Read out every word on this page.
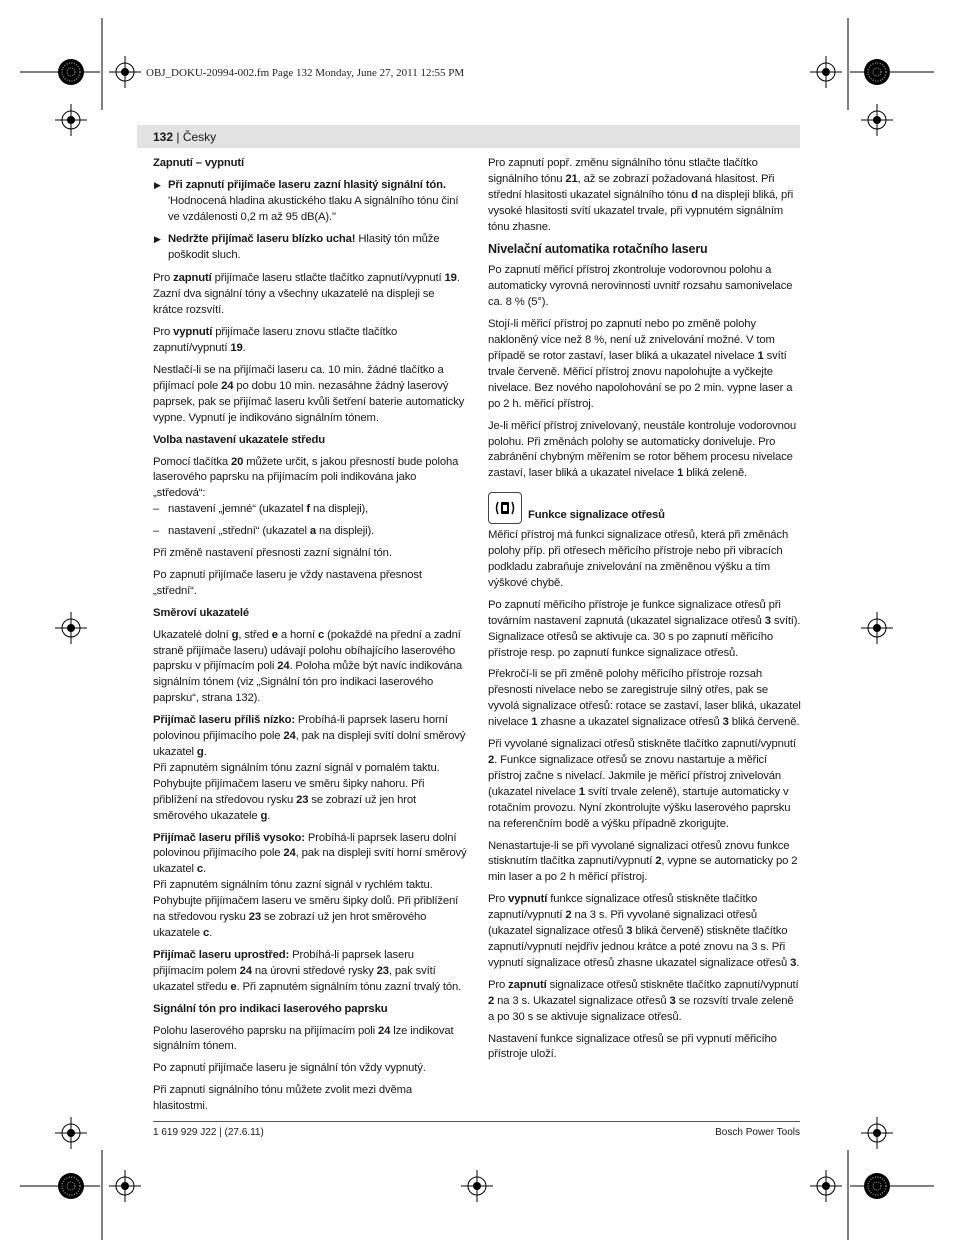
OBJ_DOKU-20994-002.fm Page 132 Monday, June 27, 2011 12:55 PM
132 | Česky

Zapnutí – vypnutí

▶ Při zapnutí přijímače laseru zazní hlasitý signální tón. 'Hodnocená hladina akustického tlaku A signálního tónu činí ve vzdálenosti 0,2 m až 95 dB(A)."

▶ Nedržte přijímač laseru blízko ucha! Hlasitý tón může poškodit sluch.

Pro zapnutí přijímače laseru stlačte tlačítko zapnutí/vypnutí 19. Zazní dva signální tóny a všechny ukazatelé na displeji se krátce rozsvítí.

Pro vypnutí přijímače laseru znovu stlačte tlačítko zapnutí/vypnutí 19.

Nestlačí-li se na přijímači laseru ca. 10 min. žádné tlačítko a přijímací pole 24 po dobu 10 min. nezasáhne žádný laserový paprsek, pak se přijímač laseru kvůli šetření baterie automaticky vypne. Vypnutí je indikováno signálním tónem.

Volba nastavení ukazatele středu

Pomocí tlačítka 20 můžete určit, s jakou přesností bude poloha laserového paprsku na přijímacím poli indikována jako „středová“:

– nastavení „jemné“ (ukazatel f na displeji),

– nastavení „střední“ (ukazatel a na displeji).

Při změně nastavení přesnosti zazní signální tón.

Po zapnutí přijímače laseru je vždy nastavena přesnost „střední“.

Směroví ukazatelé

Ukazatelé dolní g, střed e a horní c (pokaždé na přední a zadní straně přijímače laseru) udávají polohu obíhajícího laserového paprsku v přijímacím poli 24. Poloha může být navíc indikována signálním tónem (viz „Signální tón pro indikaci laserového paprsku“, strana 132).

Přijímač laseru příliš nízko: Probíhá-li paprsek laseru horní polovinou přijímacího pole 24, pak na displeji svítí dolní směrový ukazatel g.
Při zapnutém signálním tónu zazní signál v pomalém taktu. Pohybujte přijímačem laseru ve směru šipky nahoru. Při přiblížení na středovou rysku 23 se zobrazí už jen hrot směrového ukazatele g.

Přijímač laseru příliš vysoko: Probíhá-li paprsek laseru dolní polovinou přijímacího pole 24, pak na displeji svítí horní směrový ukazatel c.
Při zapnutém signálním tónu zazní signál v rychlém taktu. Pohybujte přijímačem laseru ve směru šipky dolů. Při přiblížení na středovou rysku 23 se zobrazí už jen hrot směrového ukazatele c.

Přijímač laseru uprostřed: Probíhá-li paprsek laseru přijímacím polem 24 na úrovni středové rysky 23, pak svítí ukazatel středu e. Při zapnutém signálním tónu zazní trvalý tón.

Signální tón pro indikaci laserového paprsku

Polohu laserového paprsku na přijímacím poli 24 lze indikovat signálním tónem.

Po zapnutí přijímače laseru je signální tón vždy vypnutý.

Při zapnutí signálního tónu můžete zvolit mezi dvěma hlasitostmi.

Pro zapnutí popř. změnu signálního tónu stlačte tlačítko signálního tónu 21, až se zobrazí požadovaná hlasitost. Při střední hlasitosti ukazatel signálního tónu d na displeji bliká, při vysoké hlasitosti svítí ukazatel trvale, při vypnutém signálním tónu zhasne.

Nivelační automatika rotačního laseru

Po zapnutí měřicí přístroj zkontroluje vodorovnou polohu a automaticky vyrovná nerovinnosti uvnitř rozsahu samonivelace ca. 8 % (5°).

Stojí-li měřicí přístroj po zapnutí nebo po změně polohy nakloněný více než 8 %, není už znivelování možné. V tom případě se rotor zastaví, laser bliká a ukazatel nivelace 1 svítí trvale červeně. Měřicí přístroj znovu napolohujte a vyčkejte nivelace. Bez nového napolohování se po 2 min. vypne laser a po 2 h. měřicí přístroj.

Je-li měřicí přístroj znivelovaný, neustále kontroluje vodorovnou polohu. Při změnách polohy se automaticky doniveluje. Pro zabránění chybným měřením se rotor během procesu nivelace zastaví, laser bliká a ukazatel nivelace 1 bliká zeleně.

Funkce signalizace otřesů

Měřicí přístroj má funkci signalizace otřesů, která při změnách polohy příp. při otřesech měřicího přístroje nebo při vibracích podkladu zabraňuje znivelování na změněnou výšku a tím výškové chybě.

Po zapnutí měřicího přístroje je funkce signalizace otřesů při továrním nastavení zapnutá (ukazatel signalizace otřesů 3 svítí). Signalizace otřesů se aktivuje ca. 30 s po zapnutí měřicího přístroje resp. po zapnutí funkce signalizace otřesů.

Překročí-li se při změně polohy měřicího přístroje rozsah přesnosti nivelace nebo se zaregistruje silný otřes, pak se vyvolá signalizace otřesů: rotace se zastaví, laser bliká, ukazatel nivelace 1 zhasne a ukazatel signalizace otřesů 3 bliká červeně.

Při vyvolané signalizaci otřesů stiskněte tlačítko zapnutí/vypnutí 2. Funkce signalizace otřesů se znovu nastartuje a měřicí přístroj začne s nivelací. Jakmile je měřicí přístroj znivelován (ukazatel nivelace 1 svítí trvale zeleně), startuje automaticky v rotačním provozu. Nyní zkontrolujte výšku laserového paprsku na referenčním bodě a výšku případně zkorigujte.

Nenastartuje-li se při vyvolané signalizaci otřesů znovu funkce stisknutím tlačítka zapnutí/vypnutí 2, vypne se automaticky po 2 min laser a po 2 h měřicí přístroj.

Pro vypnutí funkce signalizace otřesů stiskněte tlačítko zapnutí/vypnutí 2 na 3 s. Při vyvolané signalizaci otřesů (ukazatel signalizace otřesů 3 bliká červeně) stiskněte tlačítko zapnutí/vypnutí nejdřív jednou krátce a poté znovu na 3 s. Při vypnutí signalizace otřesů zhasne ukazatel signalizace otřesů 3.

Pro zapnutí signalizace otřesů stiskněte tlačítko zapnutí/vypnutí 2 na 3 s. Ukazatel signalizace otřesů 3 se rozsvítí trvale zeleně a po 30 s se aktivuje signalizace otřesů.

Nastavení funkce signalizace otřesů se při vypnutí měřicího přístroje uloží.

1 619 929 J22 | (27.6.11)	Bosch Power Tools
